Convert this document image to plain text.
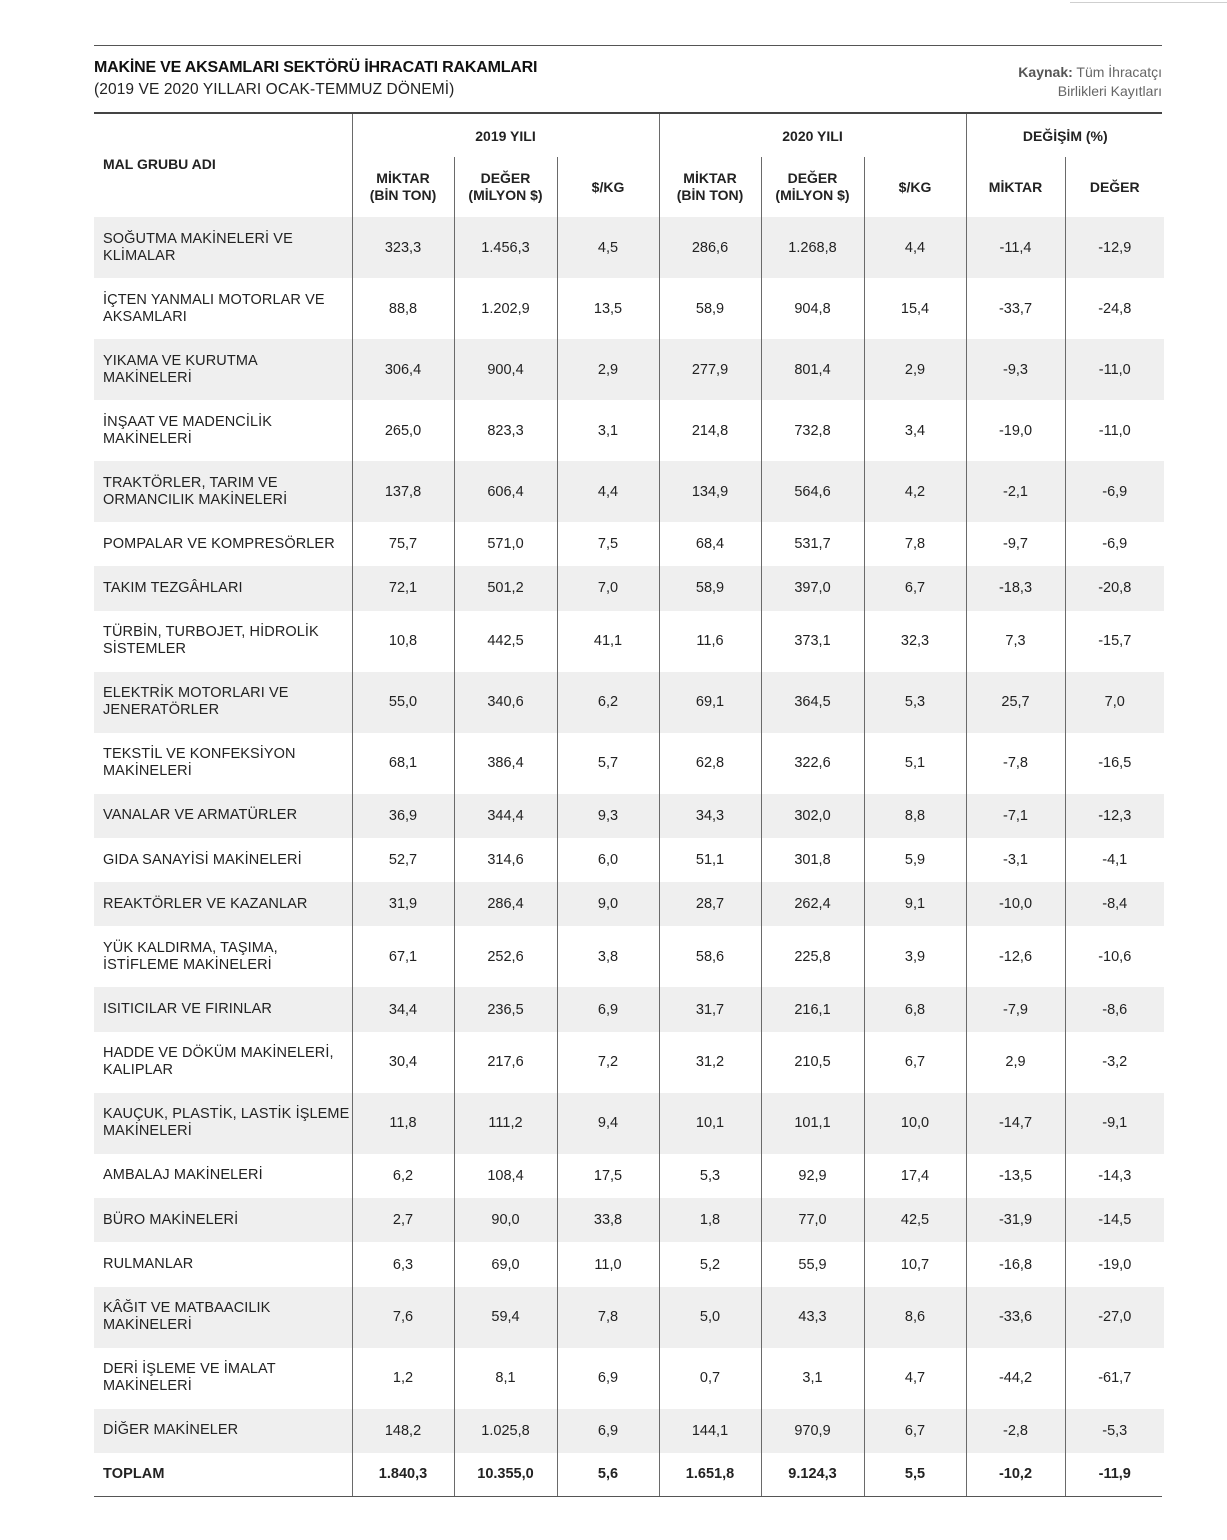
MAKİNE VE AKSAMLARI SEKTÖRÜ İHRACATI RAKAMLARI
(2019 VE 2020 YILLARI OCAK-TEMMUZ DÖNEMİ)
Kaynak: Tüm İhracatçı
Birlikleri Kayıtları
MAL GRUBU ADI	2019 YILI			2020 YILI			DEĞİŞİM (%)	
	MİKTAR
(BİN TON)	DEĞER
(MİLYON $)	$/KG	MİKTAR
(BİN TON)	DEĞER
(MİLYON $)	$/KG	MİKTAR	DEĞER
SOĞUTMA MAKİNELERİ VE
KLİMALAR	323,3	1.456,3	4,5	286,6	1.268,8	4,4	-11,4	-12,9
İÇTEN YANMALI MOTORLAR VE
AKSAMLARI	88,8	1.202,9	13,5	58,9	904,8	15,4	-33,7	-24,8
YIKAMA VE KURUTMA
MAKİNELERİ	306,4	900,4	2,9	277,9	801,4	2,9	-9,3	-11,0
İNŞAAT VE MADENCİLİK
MAKİNELERİ	265,0	823,3	3,1	214,8	732,8	3,4	-19,0	-11,0
TRAKTÖRLER, TARIM VE
ORMANCILIK MAKİNELERİ	137,8	606,4	4,4	134,9	564,6	4,2	-2,1	-6,9
POMPALAR VE KOMPRESÖRLER	75,7	571,0	7,5	68,4	531,7	7,8	-9,7	-6,9
TAKIM TEZGÂHLARI	72,1	501,2	7,0	58,9	397,0	6,7	-18,3	-20,8
TÜRBİN, TURBOJET, HİDROLİK
SİSTEMLER	10,8	442,5	41,1	11,6	373,1	32,3	7,3	-15,7
ELEKTRİK MOTORLARI VE
JENERATÖRLER	55,0	340,6	6,2	69,1	364,5	5,3	25,7	7,0
TEKSTİL VE KONFEKSİYON
MAKİNELERİ	68,1	386,4	5,7	62,8	322,6	5,1	-7,8	-16,5
VANALAR VE ARMATÜRLER	36,9	344,4	9,3	34,3	302,0	8,8	-7,1	-12,3
GIDA SANAYİSİ MAKİNELERİ	52,7	314,6	6,0	51,1	301,8	5,9	-3,1	-4,1
REAKTÖRLER VE KAZANLAR	31,9	286,4	9,0	28,7	262,4	9,1	-10,0	-8,4
YÜK KALDIRMA, TAŞIMA,
İSTİFLEME MAKİNELERİ	67,1	252,6	3,8	58,6	225,8	3,9	-12,6	-10,6
ISITICILAR VE FIRINLAR	34,4	236,5	6,9	31,7	216,1	6,8	-7,9	-8,6
HADDE VE DÖKÜM MAKİNELERİ,
KALIPLAR	30,4	217,6	7,2	31,2	210,5	6,7	2,9	-3,2
KAUÇUK, PLASTİK, LASTİK İŞLEME
MAKİNELERİ	11,8	111,2	9,4	10,1	101,1	10,0	-14,7	-9,1
AMBALAJ MAKİNELERİ	6,2	108,4	17,5	5,3	92,9	17,4	-13,5	-14,3
BÜRO MAKİNELERİ	2,7	90,0	33,8	1,8	77,0	42,5	-31,9	-14,5
RULMANLAR	6,3	69,0	11,0	5,2	55,9	10,7	-16,8	-19,0
KÂĞIT VE MATBAACILIK
MAKİNELERİ	7,6	59,4	7,8	5,0	43,3	8,6	-33,6	-27,0
DERİ İŞLEME VE İMALAT
MAKİNELERİ	1,2	8,1	6,9	0,7	3,1	4,7	-44,2	-61,7
DİĞER MAKİNELER	148,2	1.025,8	6,9	144,1	970,9	6,7	-2,8	-5,3
TOPLAM	1.840,3	10.355,0	5,6	1.651,8	9.124,3	5,5	-10,2	-11,9
